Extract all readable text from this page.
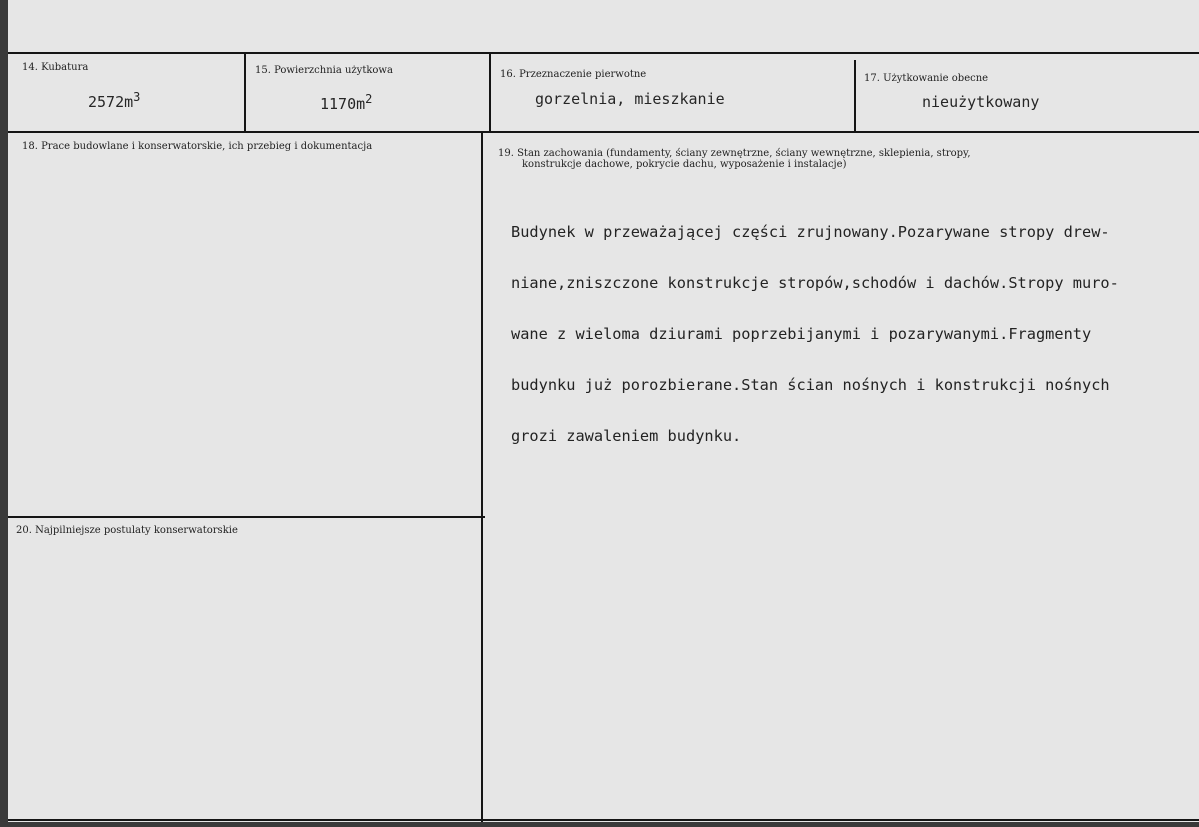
14. Kubatura
$2572m^3$
15. Powierzchnia użytkowa
$1170m^2$
16. Przeznaczenie pierwotne
gorzelnia, mieszkanie
17. Użytkowanie obecne
nieużytkowany
18. Prace budowlane i konserwatorskie, ich przebieg i dokumentacja
19. Stan zachowania (fundamenty, ściany zewnętrzne, ściany wewnętrzne, sklepienia, stropy,
konstrukcje dachowe, pokrycie dachu, wyposażenie i instalacje)

Budynek w przeważającej części zrujnowany.Pozarywane stropy drew-

niane,zniszczone konstrukcje stropów,schodów i dachów.Stropy muro-

wane z wieloma dziurami poprzebijanymi i pozarywanymi.Fragmenty

budynku już porozbierane.Stan ścian nośnych i konstrukcji nośnych

grozi zawaleniem budynku.

20. Najpilniejsze postulaty konserwatorskie
